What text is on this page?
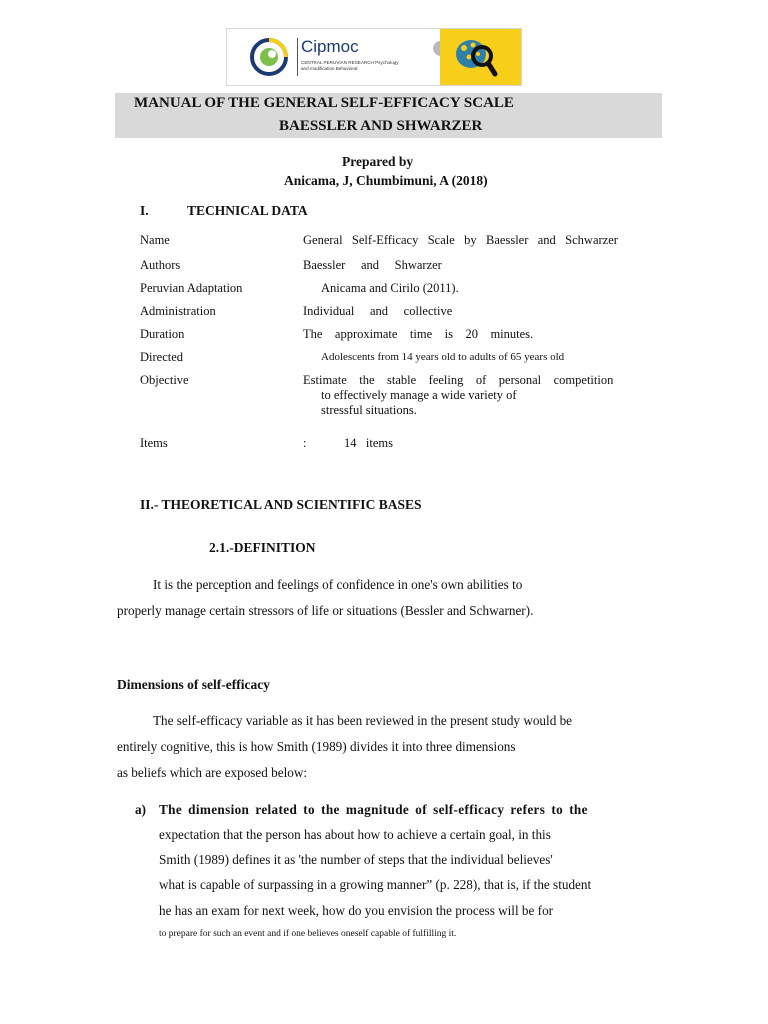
Cipmoc
CENTRAL PERUVIAN RESEARCH Psychology and modification Behavioral
MANUAL OF THE GENERAL SELF-EFFICACY SCALE
BAESSLER AND SHWARZER
Prepared by
Anicama, J, Chumbimuni, A (2018)
I.	TECHNICAL DATA
Name	General   Self-Efficacy   Scale   by   Baessler   and   Schwarzer
Authors	Baessler     and     Shwarzer
Peruvian Adaptation	Anicama and Cirilo (2011).
Administration	Individual     and     collective
Duration	The    approximate    time    is    20    minutes.
Directed	Adolescents from 14 years old to adults of 65 years old
Objective	Estimate    the    stable    feeling    of    personal    competition
to effectively manage a wide variety of
stressful situations.
Items	:	14   items
II.- THEORETICAL AND SCIENTIFIC BASES
2.1.-DEFINITION
It is the perception and feelings of confidence in one's own abilities to
properly manage certain stressors of life or situations (Bessler and Schwarner).
Dimensions of self-efficacy
The self-efficacy variable as it has been reviewed in the present study would be
entirely cognitive, this is how Smith (1989) divides it into three dimensions
as beliefs which are exposed below:
a) The dimension related to the magnitude of self-efficacy refers to the
expectation that the person has about how to achieve a certain goal, in this
Smith (1989) defines it as 'the number of steps that the individual believes'
what is capable of surpassing in a growing manner” (p. 228), that is, if the student
he has an exam for next week, how do you envision the process will be for
to prepare for such an event and if one believes oneself capable of fulfilling it.
